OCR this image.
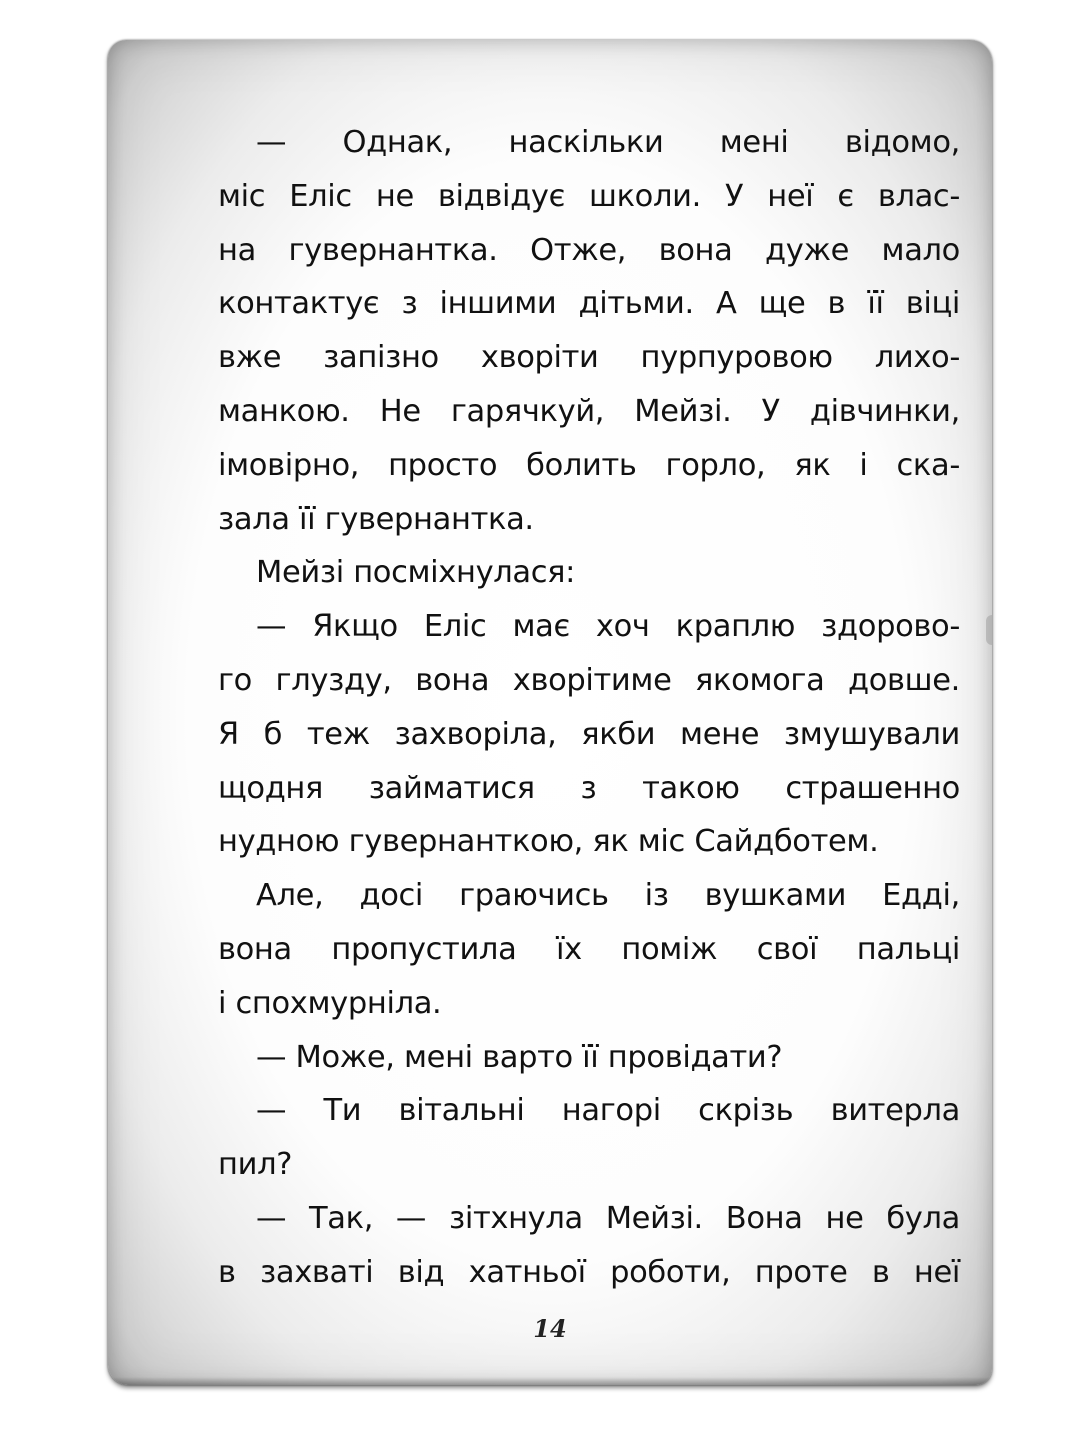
— Однак, наскільки мені відомо,
міс Еліс не відвідує школи. У неї є влас-
на гувернантка. Отже, вона дуже мало
контактує з іншими дітьми. А ще в її віці
вже запізно хворіти пурпуровою лихо-
манкою. Не гарячкуй, Мейзі. У дівчинки,
імовірно, просто болить горло, як і ска-
зала її гувернантка.
Мейзі посміхнулася:
— Якщо Еліс має хоч краплю здорово-
го глузду, вона хворітиме якомога довше.
Я б теж захворіла, якби мене змушували
щодня займатися з такою страшенно
нудною гувернанткою, як міс Сайдботем.
Але, досі граючись із вушками Едді,
вона пропустила їх поміж свої пальці
і спохмурніла.
— Може, мені варто її провідати?
— Ти вітальні нагорі скрізь витерла
пил?
— Так, — зітхнула Мейзі. Вона не була
в захваті від хатньої роботи, проте в неї
14
